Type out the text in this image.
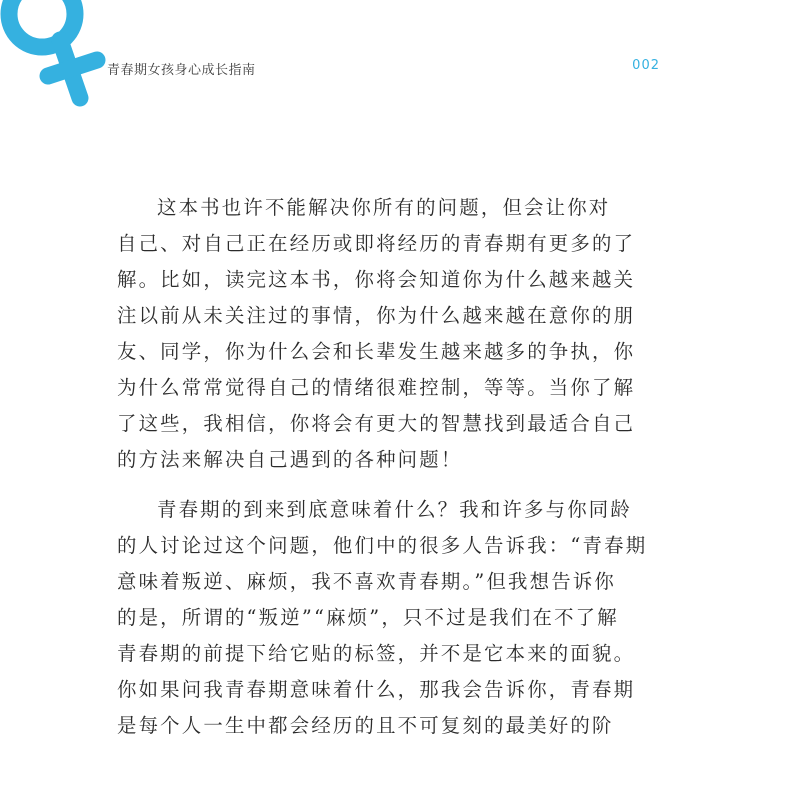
青春期女孩身心成长指南	002
这本书也许不能解决你所有的问题，但会让你对
自己、对自己正在经历或即将经历的青春期有更多的了
解。比如，读完这本书，你将会知道你为什么越来越关
注以前从未关注过的事情，你为什么越来越在意你的朋
友、同学，你为什么会和长辈发生越来越多的争执，你
为什么常常觉得自己的情绪很难控制，等等。当你了解
了这些，我相信，你将会有更大的智慧找到最适合自己
的方法来解决自己遇到的各种问题！
青春期的到来到底意味着什么？我和许多与你同龄
的人讨论过这个问题，他们中的很多人告诉我：“青春期
意味着叛逆、麻烦，我不喜欢青春期。”但我想告诉你
的是，所谓的“叛逆”“麻烦”，只不过是我们在不了解
青春期的前提下给它贴的标签，并不是它本来的面貌。
你如果问我青春期意味着什么，那我会告诉你，青春期
是每个人一生中都会经历的且不可复刻的最美好的阶
